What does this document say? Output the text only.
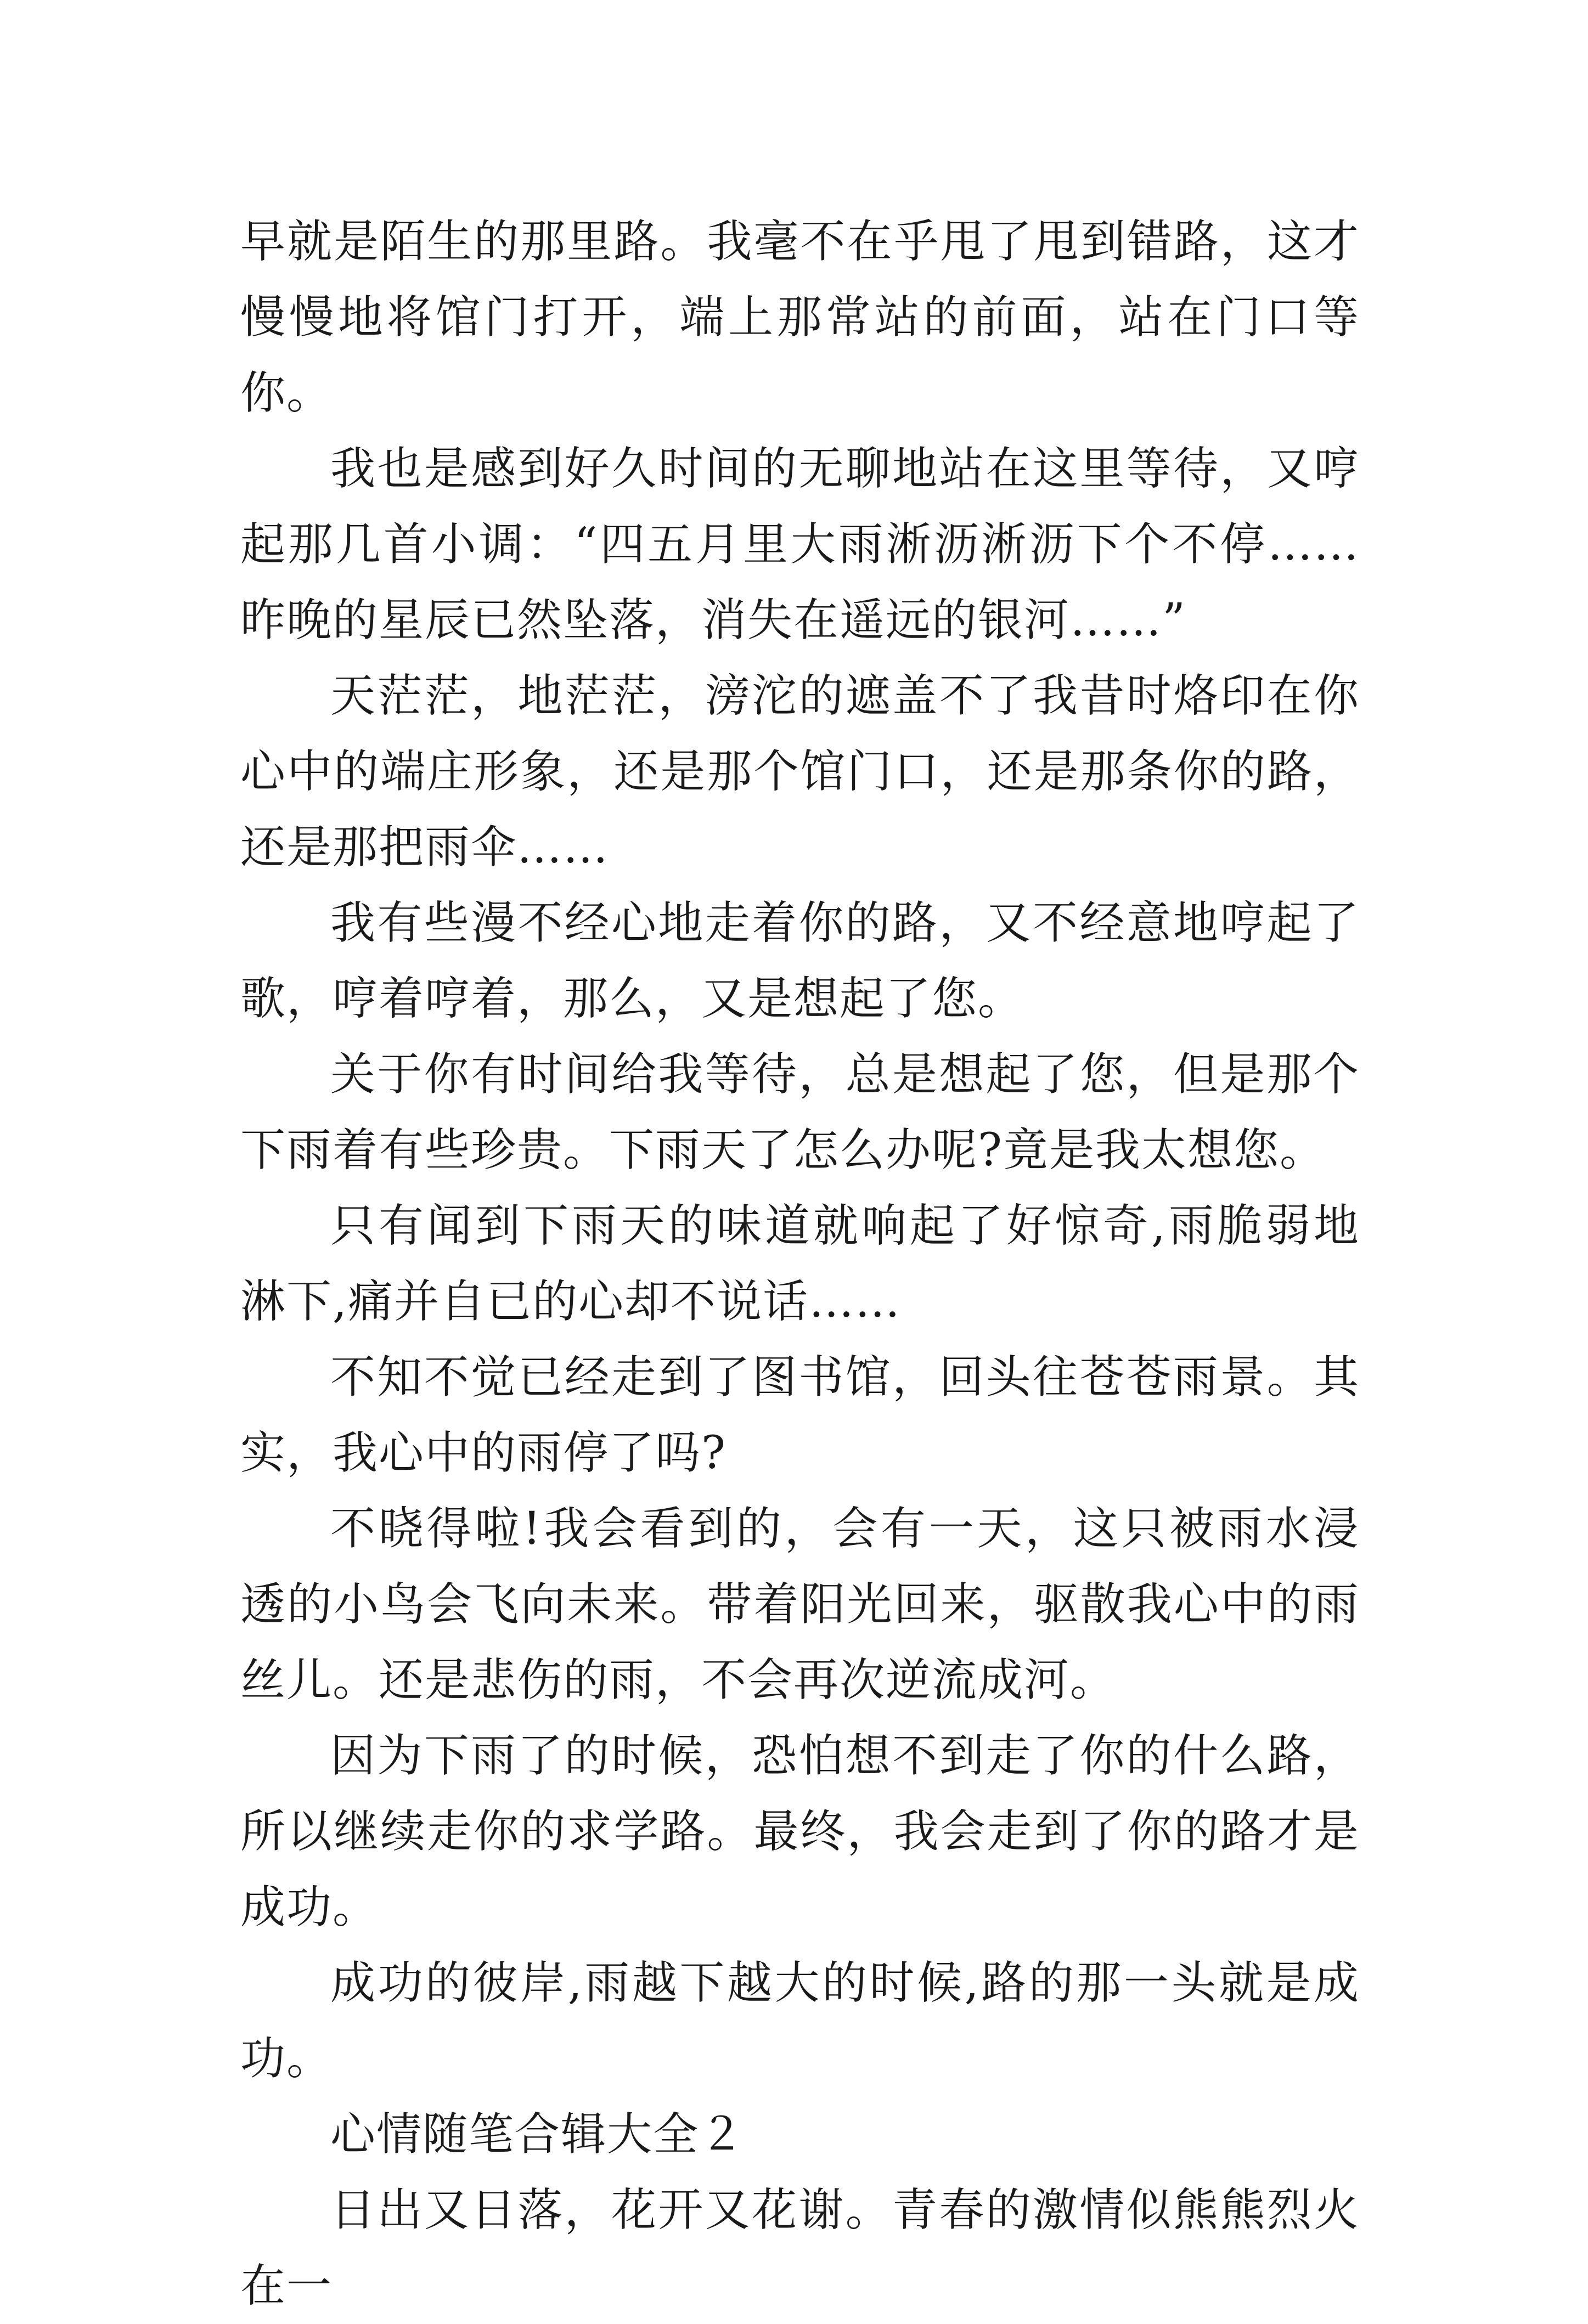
早就是陌生的那里路。我毫不在乎甩了甩到错路，这才慢慢地将馆门打开，端上那常站的前面，站在门口等你。

我也是感到好久时间的无聊地站在这里等待，又哼起那几首小调：“四五月里大雨淅沥淅沥下个不停……昨晚的星辰已然坠落，消失在遥远的银河……”

天茫茫，地茫茫，滂沱的遮盖不了我昔时烙印在你心中的端庄形象，还是那个馆门口，还是那条你的路，还是那把雨伞……

我有些漫不经心地走着你的路，又不经意地哼起了歌，哼着哼着，那么，又是想起了您。

关于你有时间给我等待，总是想起了您，但是那个下雨着有些珍贵。下雨天了怎么办呢?竟是我太想您。

只有闻到下雨天的味道就响起了好惊奇,雨脆弱地淋下,痛并自已的心却不说话……

不知不觉已经走到了图书馆，回头往苍苍雨景。其实，我心中的雨停了吗?

不晓得啦!我会看到的，会有一天，这只被雨水浸透的小鸟会飞向未来。带着阳光回来，驱散我心中的雨丝儿。还是悲伤的雨，不会再次逆流成河。

因为下雨了的时候，恐怕想不到走了你的什么路，所以继续走你的求学路。最终，我会走到了你的路才是成功。

成功的彼岸,雨越下越大的时候,路的那一头就是成功。

心情随笔合辑大全２

日出又日落，花开又花谢。青春的激情似熊熊烈火在一
